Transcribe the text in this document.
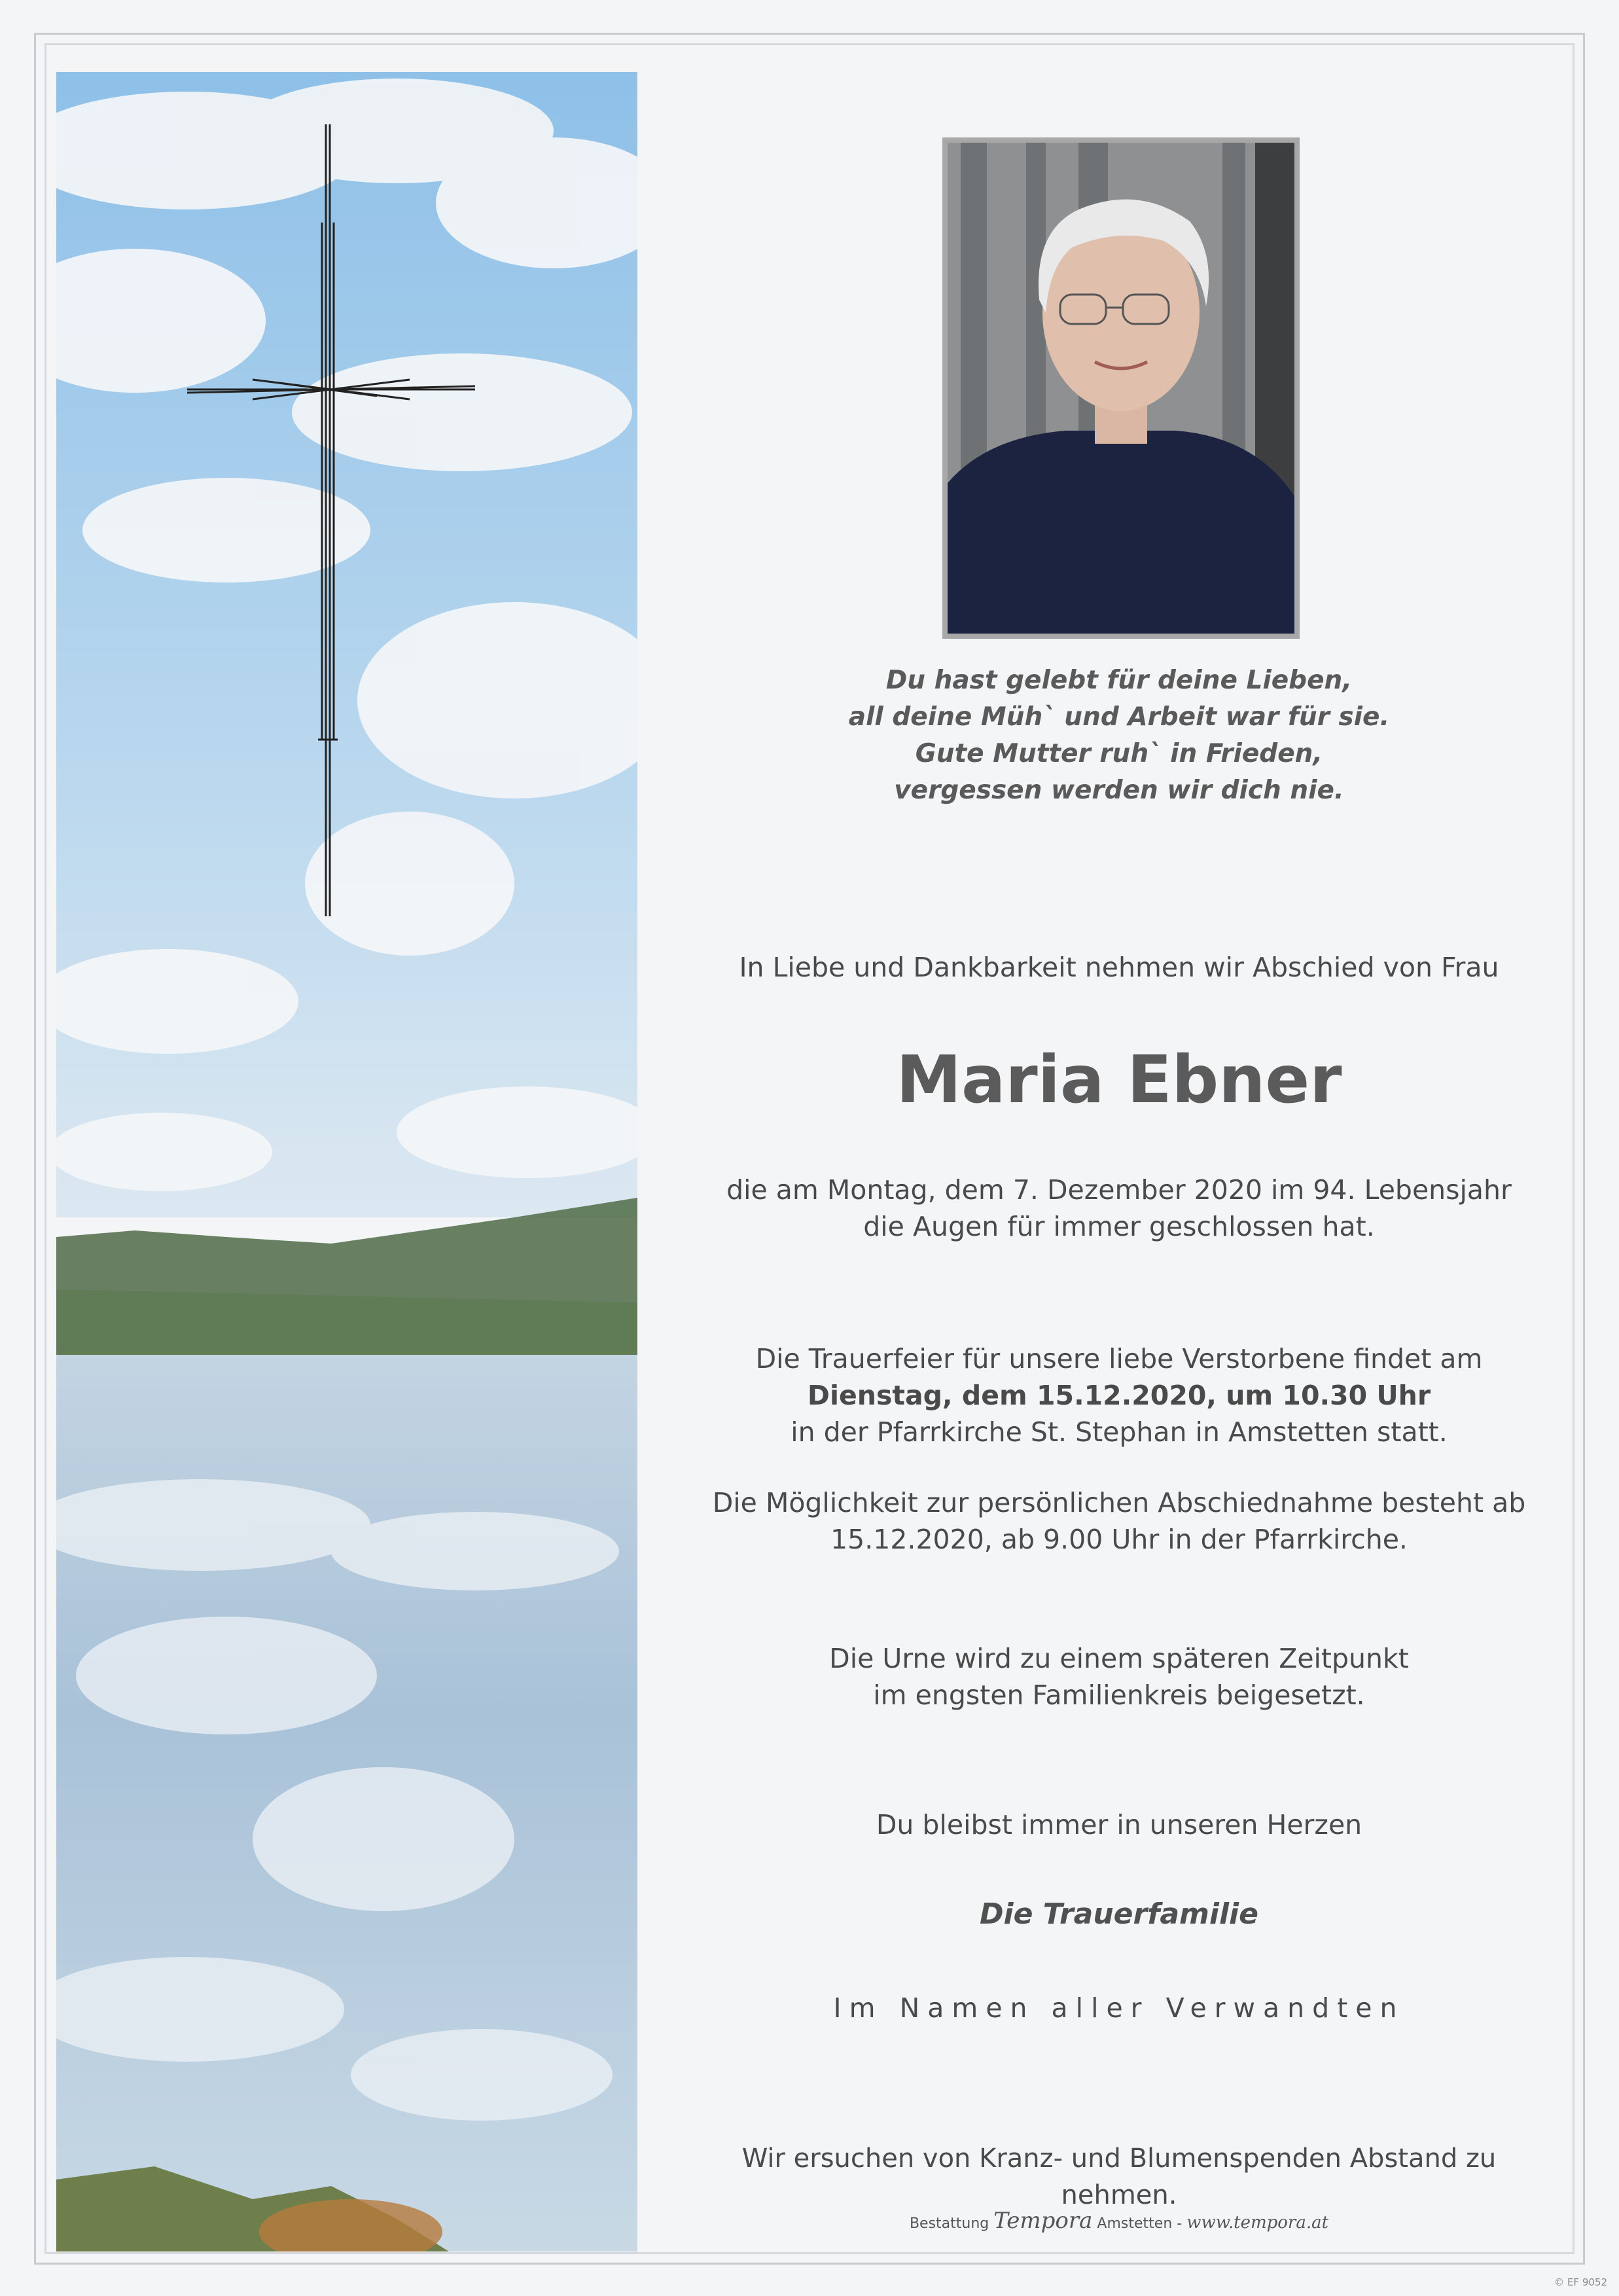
Du hast gelebt für deine Lieben,
all deine Müh` und Arbeit war für sie.
Gute Mutter ruh` in Frieden,
vergessen werden wir dich nie.
In Liebe und Dankbarkeit nehmen wir Abschied von Frau
Maria Ebner
die am Montag, dem 7. Dezember 2020 im 94. Lebensjahr
die Augen für immer geschlossen hat.
Die Trauerfeier für unsere liebe Verstorbene findet am
Dienstag, dem 15.12.2020, um 10.30 Uhr
in der Pfarrkirche St. Stephan in Amstetten statt.
Die Möglichkeit zur persönlichen Abschiednahme besteht ab
15.12.2020, ab 9.00 Uhr in der Pfarrkirche.
Die Urne wird zu einem späteren Zeitpunkt
im engsten Familienkreis beigesetzt.
Du bleibst immer in unseren Herzen
Die Trauerfamilie
Im Namen aller Verwandten
Wir ersuchen von Kranz- und Blumenspenden Abstand zu nehmen.
Bestattung Tempora Amstetten - www.tempora.at
© EF 9052
